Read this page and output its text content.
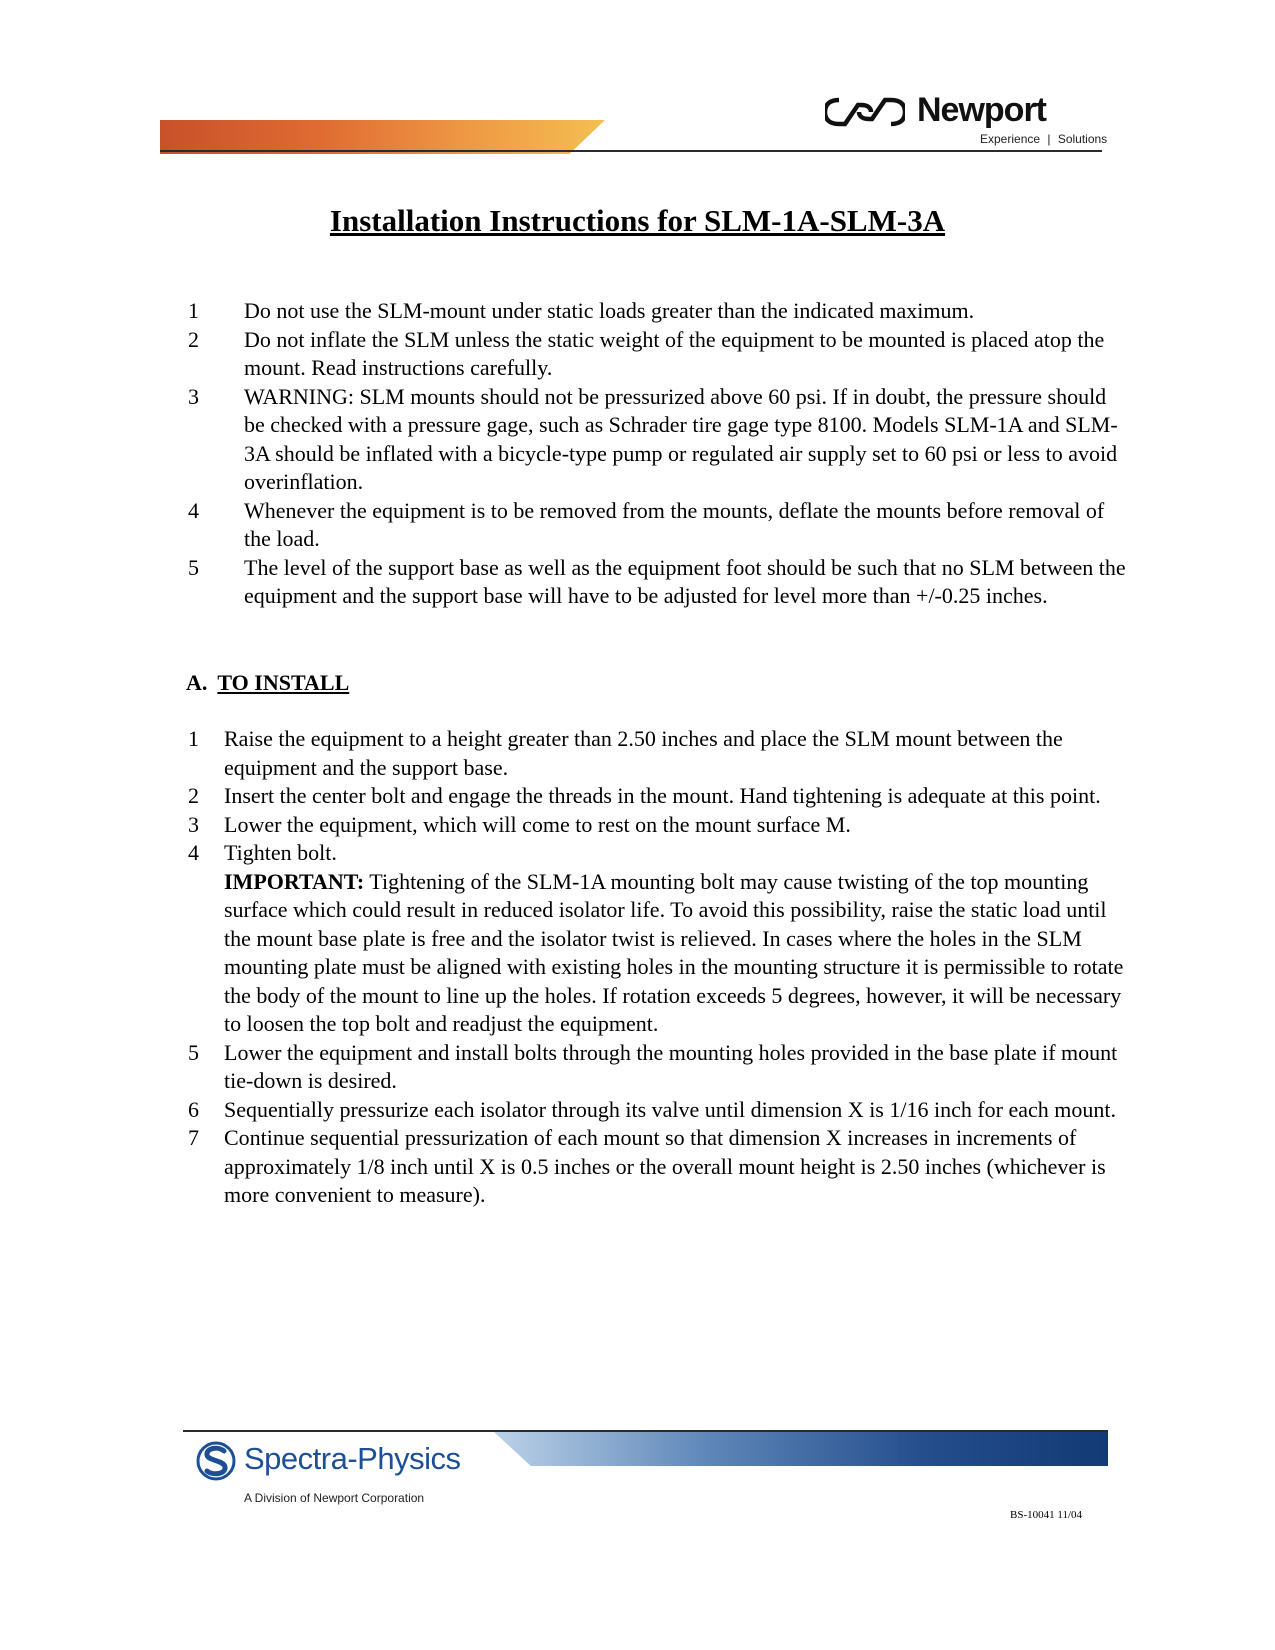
Newport
Experience | Solutions
Installation Instructions for SLM-1A-SLM-3A
1	Do not use the SLM-mount under static loads greater than the indicated maximum.
2	Do not inflate the SLM unless the static weight of the equipment to be mounted is placed atop the mount. Read instructions carefully.
3	WARNING: SLM mounts should not be pressurized above 60 psi. If in doubt, the pressure should be checked with a pressure gage, such as Schrader tire gage type 8100. Models SLM-1A and SLM-3A should be inflated with a bicycle-type pump or regulated air supply set to 60 psi or less to avoid overinflation.
4	Whenever the equipment is to be removed from the mounts, deflate the mounts before removal of the load.
5	The level of the support base as well as the equipment foot should be such that no SLM between the equipment and the support base will have to be adjusted for level more than +/-0.25 inches.
A. TO INSTALL
1	Raise the equipment to a height greater than 2.50 inches and place the SLM mount between the equipment and the support base.
2	Insert the center bolt and engage the threads in the mount. Hand tightening is adequate at this point.
3	Lower the equipment, which will come to rest on the mount surface M.
4	Tighten bolt.
IMPORTANT: Tightening of the SLM-1A mounting bolt may cause twisting of the top mounting surface which could result in reduced isolator life. To avoid this possibility, raise the static load until the mount base plate is free and the isolator twist is relieved. In cases where the holes in the SLM mounting plate must be aligned with existing holes in the mounting structure it is permissible to rotate the body of the mount to line up the holes. If rotation exceeds 5 degrees, however, it will be necessary to loosen the top bolt and readjust the equipment.
5	Lower the equipment and install bolts through the mounting holes provided in the base plate if mount tie-down is desired.
6	Sequentially pressurize each isolator through its valve until dimension X is 1/16 inch for each mount.
7	Continue sequential pressurization of each mount so that dimension X increases in increments of approximately 1/8 inch until X is 0.5 inches or the overall mount height is 2.50 inches (whichever is more convenient to measure).
Spectra-Physics
A Division of Newport Corporation
BS-10041 11/04
